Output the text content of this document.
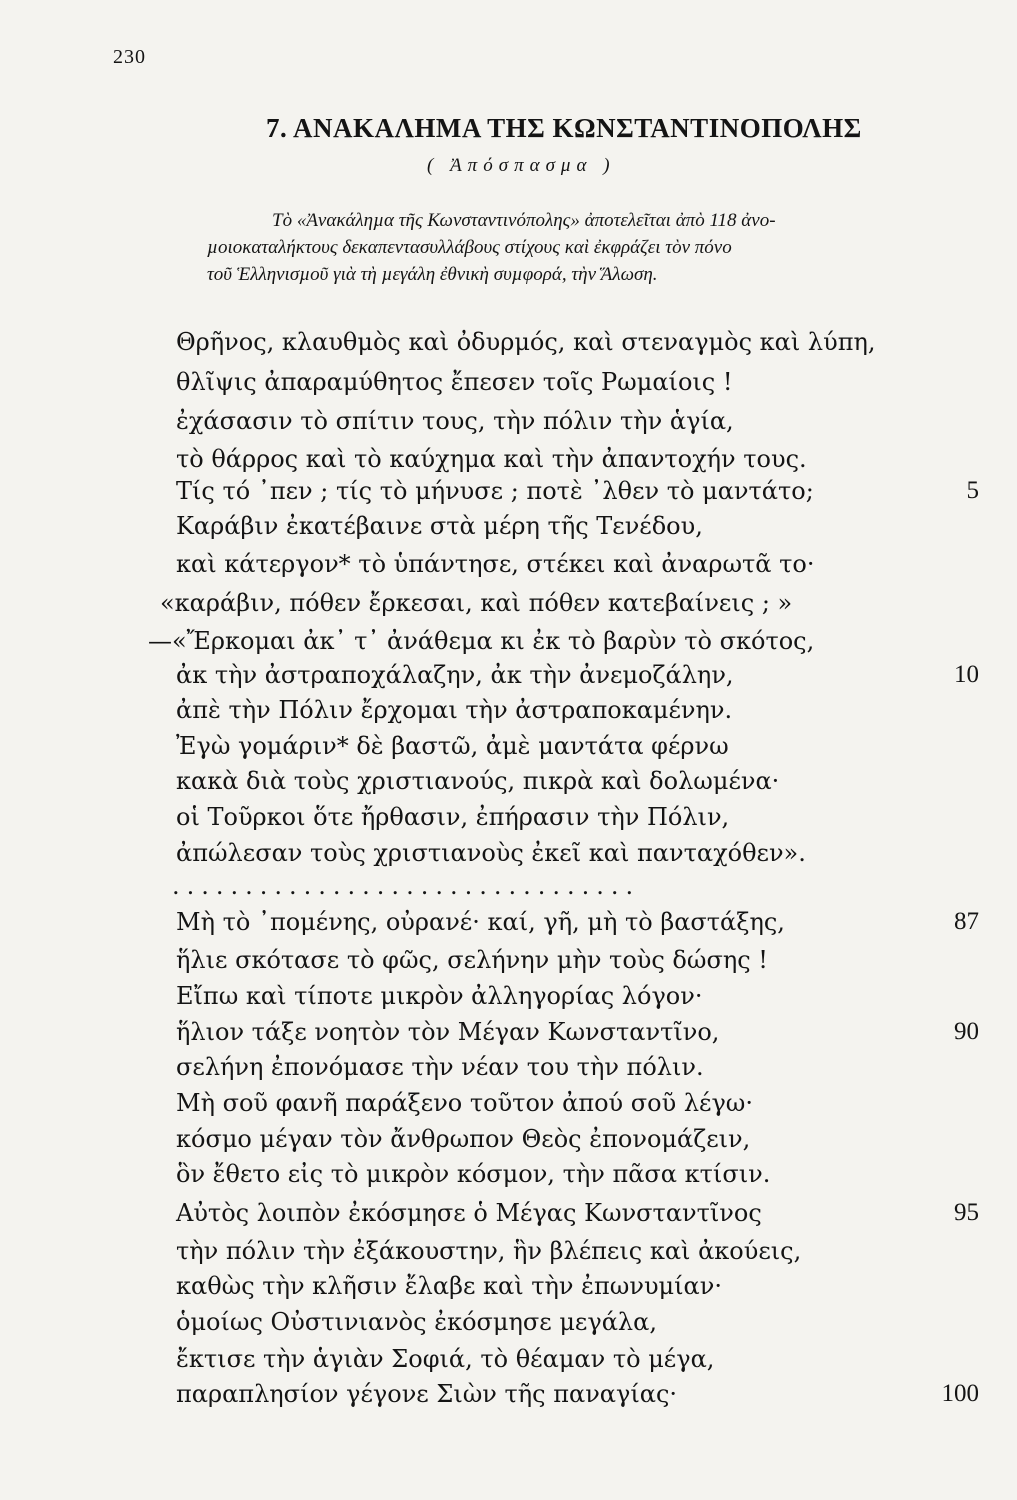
230
7. ΑΝΑΚΑΛΗΜΑ ΤΗΣ ΚΩΝΣΤΑΝΤΙΝΟΠΟΛΗΣ
( Ἀπόσπασμα )
Τὸ «Ἀνακάληµα τῆς Κωνσταντινόπολης» ἀποτελεῖται ἀπὸ 118 ἀνο-
µοιοκαταλήκτους δεκαπεντασυλλάβους στίχους καὶ ἐκφράζει τὸν πόνο
τοῦ Ἑλληνισµοῦ γιὰ τὴ µεγάλη ἐθνικὴ συµφορά, τὴν Ἅλωση.
Θρῆνος, κλαυθμὸς καὶ ὀδυρμός, καὶ στεναγμὸς καὶ λύπη,
θλῖψις ἀπαραμύθητος ἔπεσεν τοῖς Ρωμαίοις !
ἐχάσασιν τὸ σπίτιν τους, τὴν πόλιν τὴν ἁγία,
τὸ θάρρος καὶ τὸ καύχημα καὶ τὴν ἀπαντοχήν τους.
Τίς τό ᾽πεν ; τίς τὸ μήνυσε ; ποτὲ ᾽λθεν τὸ μαντάτο;	5
Καράβιν ἐκατέβαινε στὰ μέρη τῆς Τενέδου,
καὶ κάτεργον* τὸ ὑπάντησε, στέκει καὶ ἀναρωτᾶ το·
«καράβιν, πόθεν ἔρκεσαι, καὶ πόθεν κατεβαίνεις ; »
—«Ἔρκομαι ἀκ᾽ τ᾽ ἀνάθεμα κι ἐκ τὸ βαρὺν τὸ σκότος,
ἀκ τὴν ἀστραποχάλαζην, ἀκ τὴν ἀνεμοζάλην,	10
ἀπὲ τὴν Πόλιν ἔρχομαι τὴν ἀστραποκαμένην.
Ἐγὼ γομάριν* δὲ βαστῶ, ἀμὲ μαντάτα φέρνω
κακὰ διὰ τοὺς χριστιανούς, πικρὰ καὶ δολωμένα·
οἱ Τοῦρκοι ὅτε ἤρθασιν, ἐπήρασιν τὴν Πόλιν,
ἀπώλεσαν τοὺς χριστιανοὺς ἐκεῖ καὶ πανταχόθεν».
................................
Μὴ τὸ ᾽πομένης, οὐρανέ· καί, γῆ, μὴ τὸ βαστάξης,	87
ἥλιε σκότασε τὸ φῶς, σελήνην μὴν τοὺς δώσης !
Εἴπω καὶ τίποτε μικρὸν ἀλληγορίας λόγον·
ἥλιον τάξε νοητὸν τὸν Μέγαν Κωνσταντῖνο,	90
σελήνη ἐπονόμασε τὴν νέαν του τὴν πόλιν.
Μὴ σοῦ φανῆ παράξενο τοῦτον ἀπού σοῦ λέγω·
κόσμο μέγαν τὸν ἄνθρωπον Θεὸς ἐπονομάζειν,
ὃν ἔθετο εἰς τὸ μικρὸν κόσμον, τὴν πᾶσα κτίσιν.
Αὐτὸς λοιπὸν ἐκόσμησε ὁ Μέγας Κωνσταντῖνος	95
τὴν πόλιν τὴν ἐξάκουστην, ἣν βλέπεις καὶ ἀκούεις,
καθὼς τὴν κλῆσιν ἔλαβε καὶ τὴν ἐπωνυμίαν·
ὁμοίως Οὐστινιανὸς ἐκόσμησε μεγάλα,
ἔκτισε τὴν ἁγιὰν Σοφιά, τὸ θέαμαν τὸ μέγα,
παραπλησίον γέγονε Σιὼν τῆς παναγίας·	100
